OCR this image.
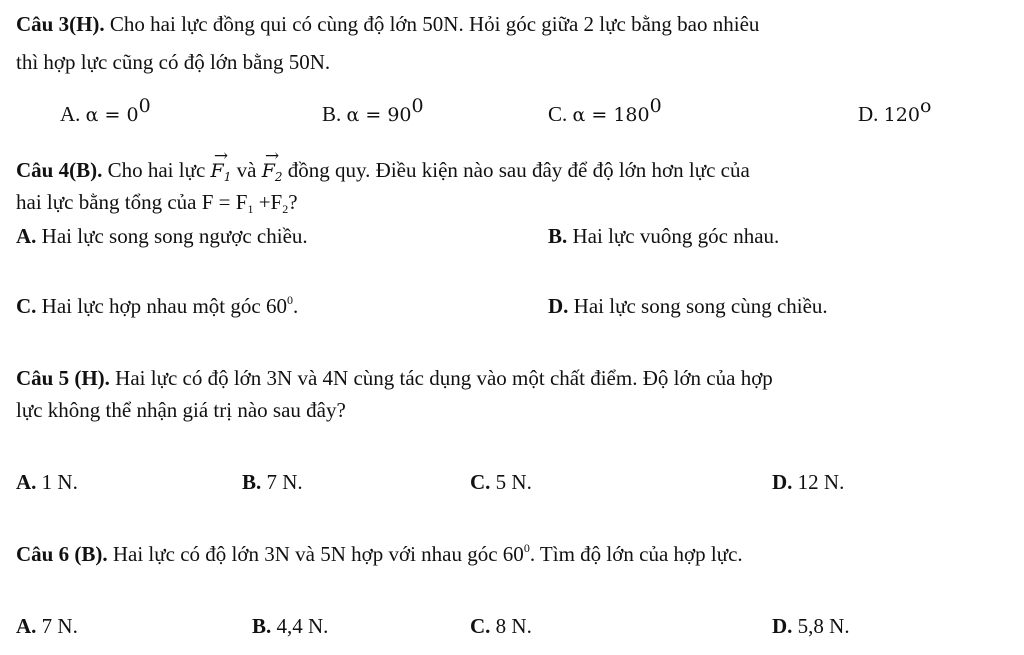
Câu 3(H). Cho hai lực đồng qui có cùng độ lớn 50N. Hỏi góc giữa 2 lực bằng bao nhiêu
thì hợp lực cũng có độ lớn bằng 50N.
A. $\alpha = 0^0$	B. $\alpha = 90^0$	C. $\alpha = 180^0$	D. 120$^o$
Câu 4(B). Cho hai lực → $F_1$ và → $F_2$ đồng quy. Điều kiện nào sau đây để độ lớn hơn lực của
hai lực bằng tổng của $F = F_1 +F_2$?
A. Hai lực song song ngược chiều.	B. Hai lực vuông góc nhau.
C. Hai lực hợp nhau một góc $60^0$.	D. Hai lực song song cùng chiều.
Câu 5 (H). Hai lực có độ lớn 3N và 4N cùng tác dụng vào một chất điểm. Độ lớn của hợp
lực không thể nhận giá trị nào sau đây?
A. 1 N.	B. 7 N.	C. 5 N.	D. 12 N.
Câu 6 (B). Hai lực có độ lớn 3N và 5N hợp với nhau góc $60^0$. Tìm độ lớn của hợp lực.
A. 7 N.	B. 4,4 N.	C. 8 N.	D. 5,8 N.
